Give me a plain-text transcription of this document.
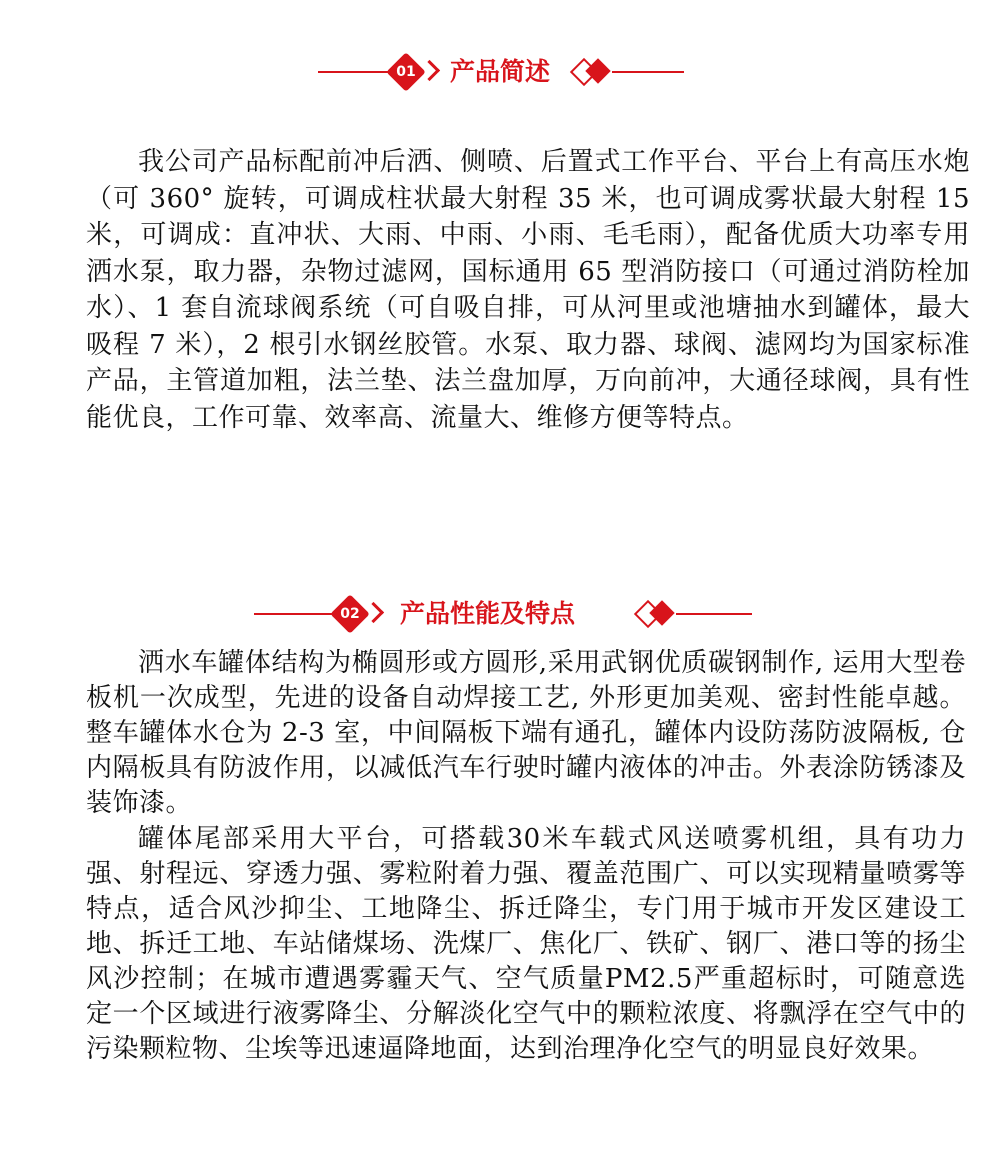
01 产品简述
我公司产品标配前冲后洒、侧喷、后置式工作平台、平台上有高压水炮（可 360° 旋转，可调成柱状最大射程 35 米，也可调成雾状最大射程 15 米，可调成：直冲状、大雨、中雨、小雨、毛毛雨），配备优质大功率专用洒水泵，取力器，杂物过滤网，国标通用 65 型消防接口（可通过消防栓加水）、1 套自流球阀系统（可自吸自排，可从河里或池塘抽水到罐体，最大吸程 7 米），2 根引水钢丝胶管。水泵、取力器、球阀、滤网均为国家标准产品，主管道加粗，法兰垫、法兰盘加厚，万向前冲，大通径球阀，具有性能优良，工作可靠、效率高、流量大、维修方便等特点。
02 产品性能及特点
洒水车罐体结构为椭圆形或方圆形,采用武钢优质碳钢制作, 运用大型卷板机一次成型，先进的设备自动焊接工艺, 外形更加美观、密封性能卓越。整车罐体水仓为 2-3 室，中间隔板下端有通孔，罐体内设防荡防波隔板, 仓内隔板具有防波作用，以减低汽车行驶时罐内液体的冲击。外表涂防锈漆及装饰漆。
罐体尾部采用大平台，可搭载30米车载式风送喷雾机组，具有功力强、射程远、穿透力强、雾粒附着力强、覆盖范围广、可以实现精量喷雾等特点，适合风沙抑尘、工地降尘、拆迁降尘，专门用于城市开发区建设工地、拆迁工地、车站储煤场、洗煤厂、焦化厂、铁矿、钢厂、港口等的扬尘风沙控制；在城市遭遇雾霾天气、空气质量PM2.5严重超标时，可随意选定一个区域进行液雾降尘、分解淡化空气中的颗粒浓度、将飘浮在空气中的污染颗粒物、尘埃等迅速逼降地面，达到治理净化空气的明显良好效果。
